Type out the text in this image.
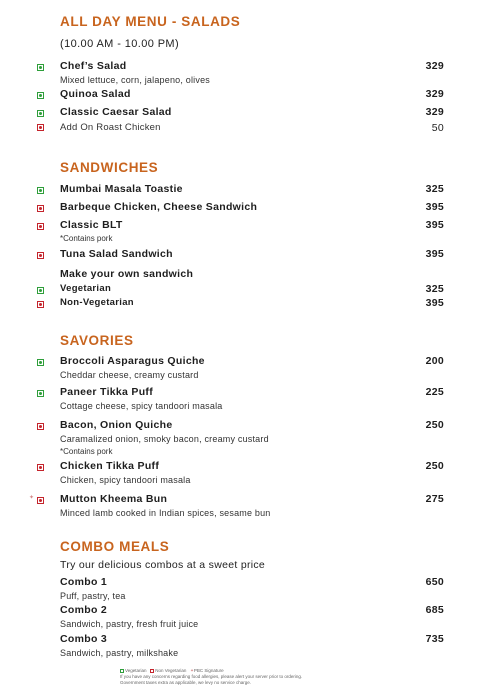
ALL DAY MENU - SALADS
(10.00 AM - 10.00 PM)
Chef’s Salad	329
Mixed lettuce, corn, jalapeno, olives
Quinoa Salad	329
Classic Caesar Salad	329
Add On Roast Chicken	50
SANDWICHES
Mumbai Masala Toastie	325
Barbeque Chicken, Cheese Sandwich	395
Classic BLT	395
*Contains pork
Tuna Salad Sandwich	395
Make your own sandwich
Vegetarian	325
Non-Vegetarian	395
SAVORIES
Broccoli Asparagus Quiche	200
Cheddar cheese, creamy custard
Paneer Tikka Puff	225
Cottage cheese, spicy tandoori masala
Bacon, Onion Quiche	250
Caramalized onion, smoky bacon, creamy custard
*Contains pork
Chicken Tikka Puff	250
Chicken, spicy tandoori masala
✦ Mutton Kheema Bun	275
Minced lamb cooked in Indian spices, sesame bun
COMBO MEALS
Try our delicious combos at a sweet price
Combo 1	650
Puff, pastry, tea
Combo 2	685
Sandwich, pastry, fresh fruit juice
Combo 3	735
Sandwich, pastry, milkshake
Vegetarian Non Vegetarian ✦PBC Signature
If you have any concerns regarding food allergies, please alert your server prior to ordering.
Government taxes extra as applicable, we levy no service charge.
